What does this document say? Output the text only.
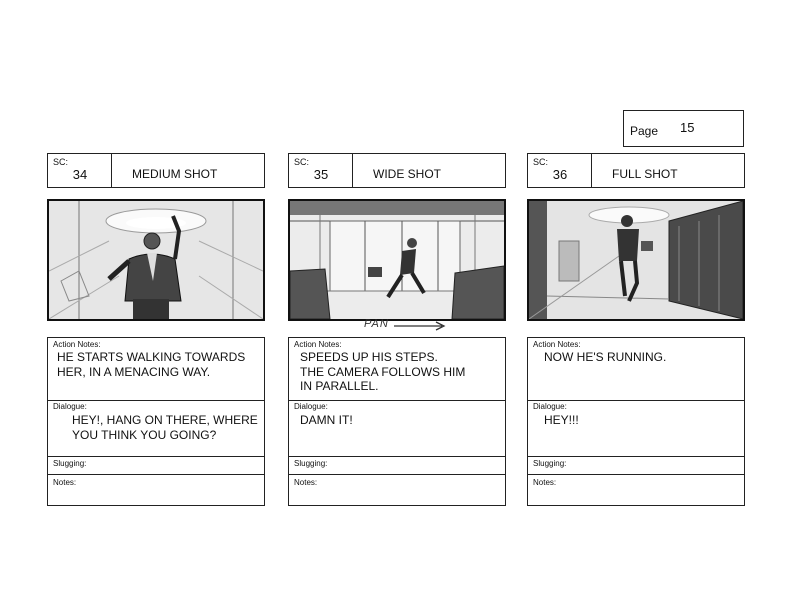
Page 15
SC:
34	MEDIUM SHOT
Action Notes:
HE STARTS WALKING TOWARDS
HER, IN A MENACING WAY.
Dialogue:
HEY!, HANG ON THERE, WHERE
YOU THINK YOU GOING?
Slugging:
Notes:
SC:
35	WIDE SHOT
PAN
Action Notes:
SPEEDS UP HIS STEPS.
THE CAMERA FOLLOWS HIM
IN PARALLEL.
Dialogue:
DAMN IT!
Slugging:
Notes:
SC:
36	FULL SHOT
Action Notes:
NOW HE'S RUNNING.
Dialogue:
HEY!!!
Slugging:
Notes:
